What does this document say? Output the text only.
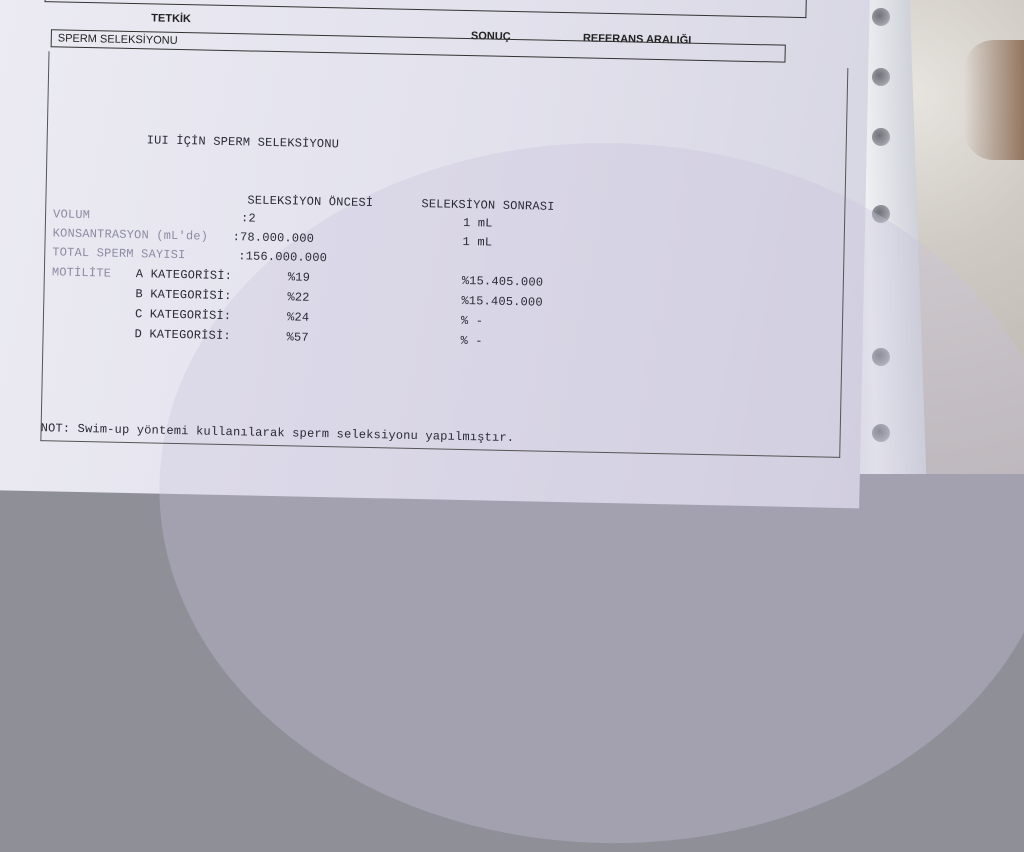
TETKİK
SONUÇ	REFERANS ARALIĞI
SPERM SELEKSİYONU
IUI İÇİN SPERM SELEKSİYONU
SELEKSİYON ÖNCESİ	SELEKSİYON SONRASI
VOLUM	:2	1 mL
KONSANTRASYON (mL'de) :78.000.000	1 mL
TOTAL SPERM SAYISI	:156.000.000
MOTİLİTE A KATEGORİSİ:	%19	%15.405.000
B KATEGORİSİ:	%22	%15.405.000
C KATEGORİSİ:	%24	% -
D KATEGORİSİ:	%57	% -
NOT: Swim-up yöntemi kullanılarak sperm seleksiyonu yapılmıştır.
